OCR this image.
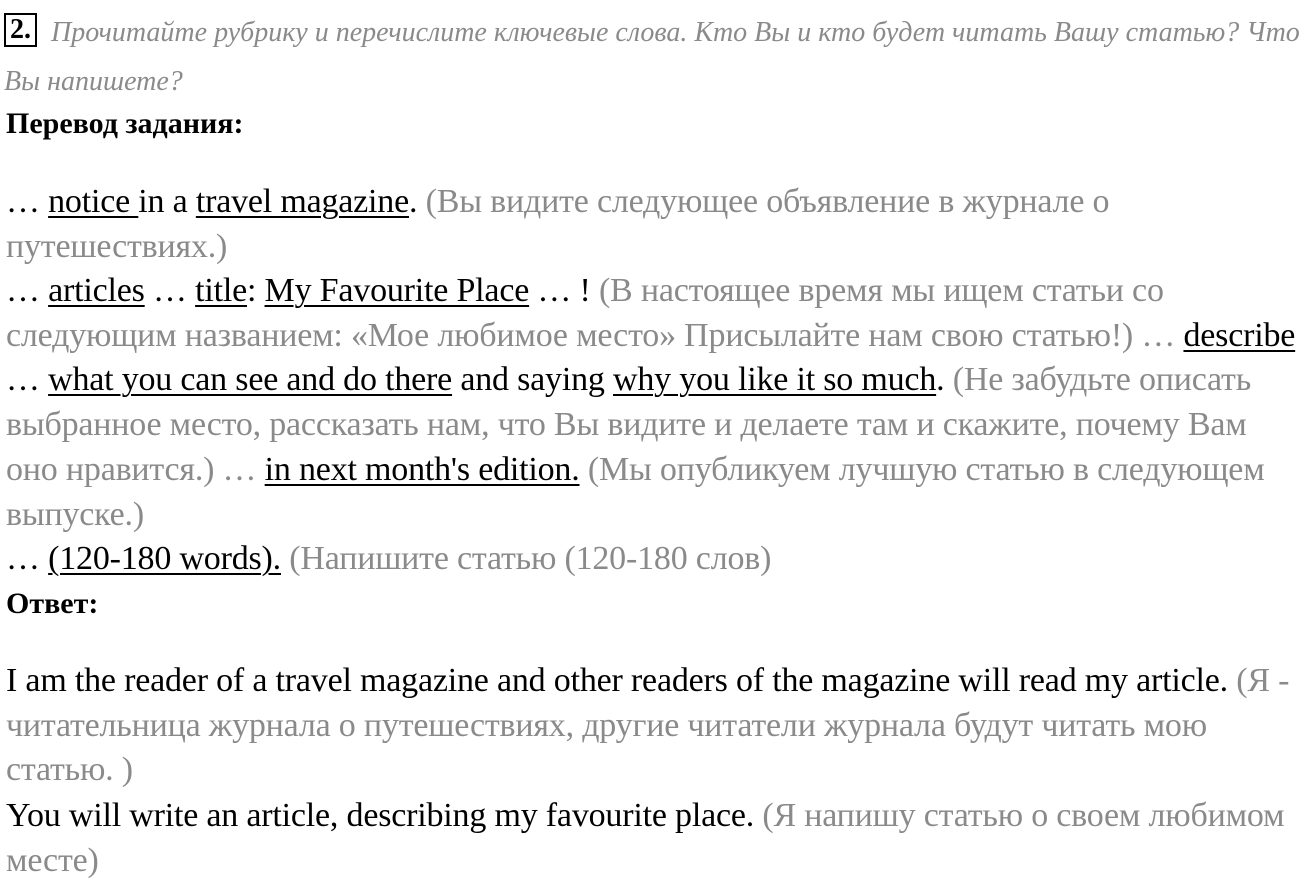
2. Прочитайте рубрику и перечислите ключевые слова. Кто Вы и кто будет читать Вашу статью? Что Вы напишете?
Перевод задания:
… notice in a travel magazine. (Вы видите следующее объявление в журнале о путешествиях.)
… articles … title: My Favourite Place … ! (В настоящее время мы ищем статьи со следующим названием: «Мое любимое место» Присылайте нам свою статью!) … describe … what you can see and do there and saying why you like it so much. (Не забудьте описать выбранное место, рассказать нам, что Вы видите и делаете там и скажите, почему Вам оно нравится.) … in next month's edition. (Мы опубликуем лучшую статью в следующем выпуске.)
… (120-180 words). (Напишите статью (120-180 слов)
Ответ:
I am the reader of a travel magazine and other readers of the magazine will read my article. (Я - читательница журнала о путешествиях, другие читатели журнала будут читать мою статью. )
You will write an article, describing my favourite place. (Я напишу статью о своем любимом месте)
